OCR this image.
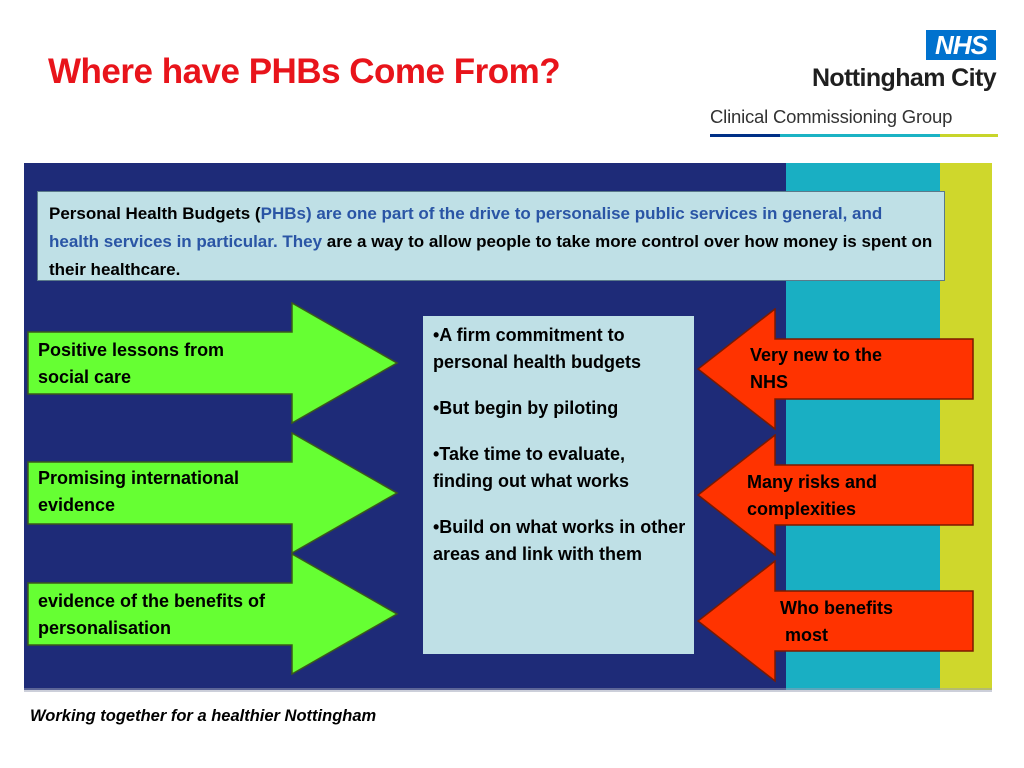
Where have PHBs Come From?
NHS
Nottingham City
Clinical Commissioning Group
Personal Health Budgets (PHBs) are one part of the drive to personalise public services in general, and health services in particular. They are a way to allow people to take more control over how money is spent on their healthcare.
Positive lessons from
social care
Promising international
evidence
evidence of the benefits of
personalisation

•A firm commitment to personal health budgets

•But begin by piloting

•Take time to evaluate, finding out what works

•Build on what works in other areas and link with them

Very new to the
NHS
Many risks and
complexities
Who benefits
most
Working together for a healthier Nottingham
